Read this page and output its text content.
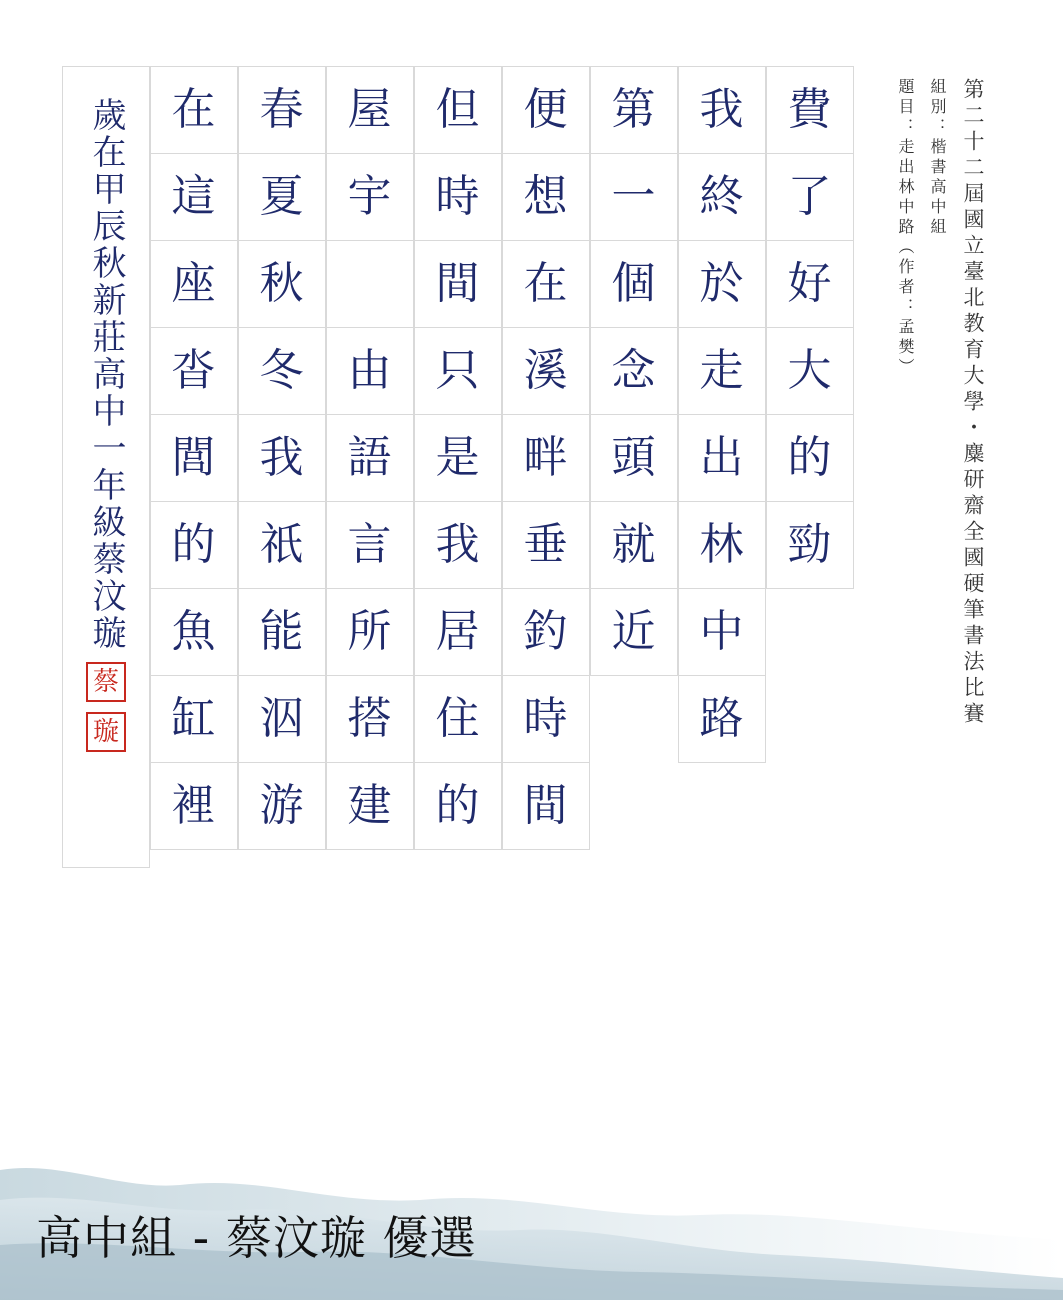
第二十二屆國立臺北教育大學・麋研齋全國硬筆書法比賽
組別：楷書高中組
題目：走出林中路（作者：孟樊）
費
了
好
大
的
勁
我
終
於
走
出
林
中
路
第
一
個
念
頭
就
近
便
想
在
溪
畔
垂
釣
時
間
但
時
間
只
是
我
居
住
的
屋
宇
由
語
言
所
搭
建
春
夏
秋
冬
我
祇
能
泅
游
在
這
座
沓
閭
的
魚
缸
裡
歲在甲辰秋新莊高中一年級蔡汶璇
蔡
璇
高中組 - 蔡汶璇 優選
